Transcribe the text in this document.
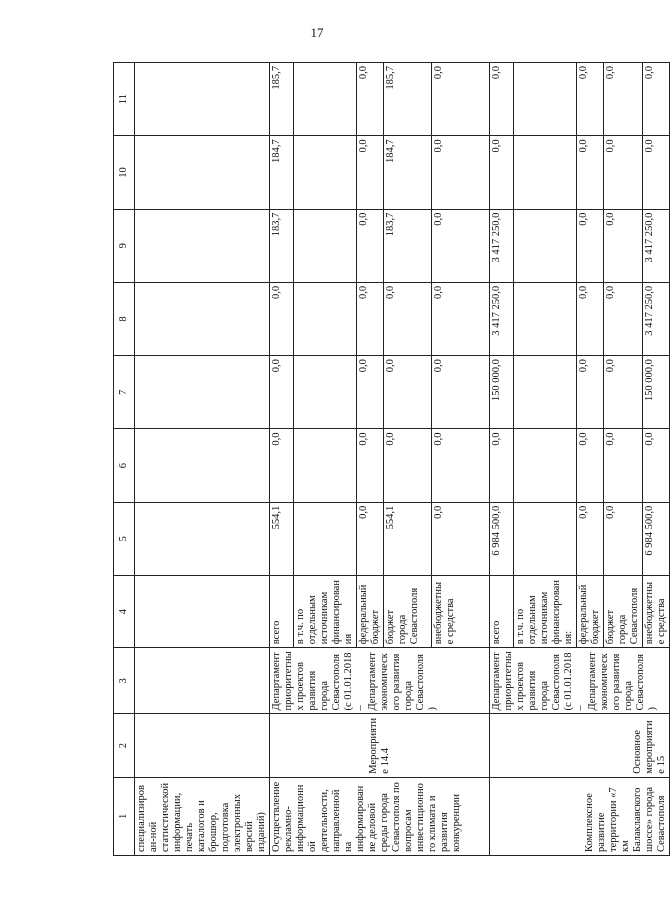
17
1	2	3	4	5	6	7	8	9	10	11
специализирован-ной статистической информации, печать каталогов и брошюр, подготовка электронных версий изданий)										
Осуществление рекламно-информационной деятельности, направленной на информирование деловой среды города Севастополя по вопросам инвестиционного климата и развития конкуренции	Мероприятие 14.4	Департамент приоритетных проектов развития города Севастополя (с 01.01.2018 – Департамент экономического развития города Севастополя)	всего	554,1	0,0	0,0	0,0	183,7	184,7	185,7
			в т.ч. по отдельным источникам финансирования							
			федеральный бюджет	0,0	0,0	0,0	0,0	0,0	0,0	0,0
			бюджет города Севастополя	554,1	0,0	0,0	0,0	183,7	184,7	185,7
			внебюджетные средства	0,0	0,0	0,0	0,0	0,0	0,0	0,0
Комплексное развитие территории «7 км Балаклавского шоссе» города Севастополя	Основное мероприятие 15	Департамент приоритетных проектов развития города Севастополя (с 01.01.2018 – Департамент экономического развития города Севастополя)	всего	6 984 500,0	0,0	150 000,0	3 417 250,0	3 417 250,0	0,0	0,0
			в т.ч. по отдельным источникам финансирования:							
			федеральный бюджет	0,0	0,0	0,0	0,0	0,0	0,0	0,0
			бюджет города Севастополя	0,0	0,0	0,0	0,0	0,0	0,0	0,0
			внебюджетные средства	6 984 500,0	0,0	150 000,0	3 417 250,0	3 417 250,0	0,0	0,0
